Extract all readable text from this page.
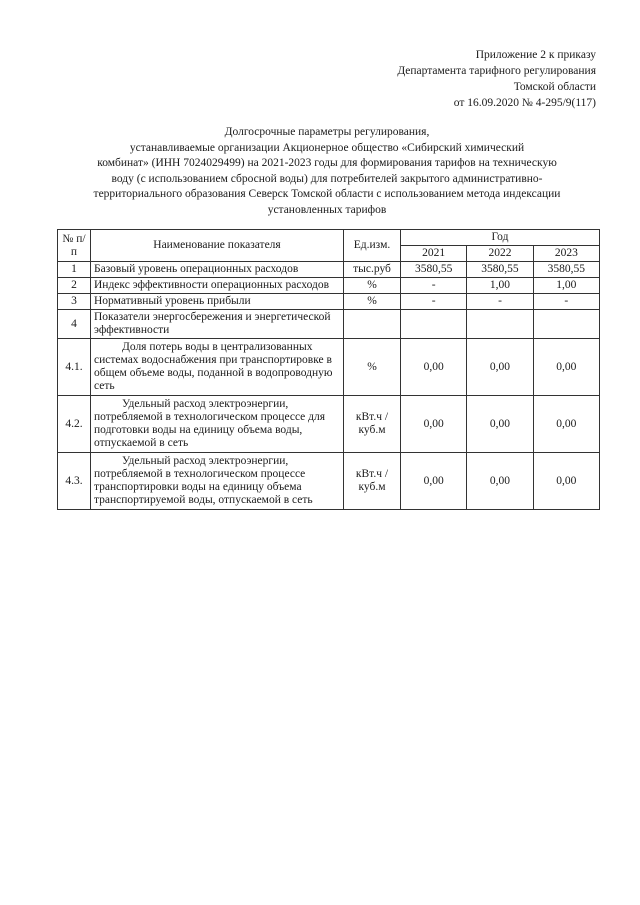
Приложение 2 к приказу
Департамента тарифного регулирования
Томской области
от 16.09.2020 № 4-295/9(117)
Долгосрочные параметры регулирования,
устанавливаемые организации Акционерное общество «Сибирский химический
комбинат» (ИНН 7024029499) на 2021-2023 годы для формирования тарифов на техническую
воду (с использованием сбросной воды) для потребителей закрытого административно-
территориального образования Северск Томской области с использованием метода индексации
установленных тарифов
№ п/п	Наименование показателя	Ед.изм.	Год		
			2021	2022	2023
1	Базовый уровень операционных расходов	тыс.руб	3580,55	3580,55	3580,55
2	Индекс эффективности операционных расходов	%	-	1,00	1,00
3	Нормативный уровень прибыли	%	-	-	-
4	Показатели энергосбережения и энергетической эффективности				
4.1.	Доля потерь воды в централизованных системах водоснабжения при транспортировке в общем объеме воды, поданной в водопроводную сеть	%	0,00	0,00	0,00
4.2.	Удельный расход электроэнергии, потребляемой в технологическом процессе для подготовки воды на единицу объема воды, отпускаемой в сеть	кВт.ч / куб.м	0,00	0,00	0,00
4.3.	Удельный расход электроэнергии, потребляемой в технологическом процессе транспортировки воды на единицу объема транспортируемой воды, отпускаемой в сеть	кВт.ч / куб.м	0,00	0,00	0,00
